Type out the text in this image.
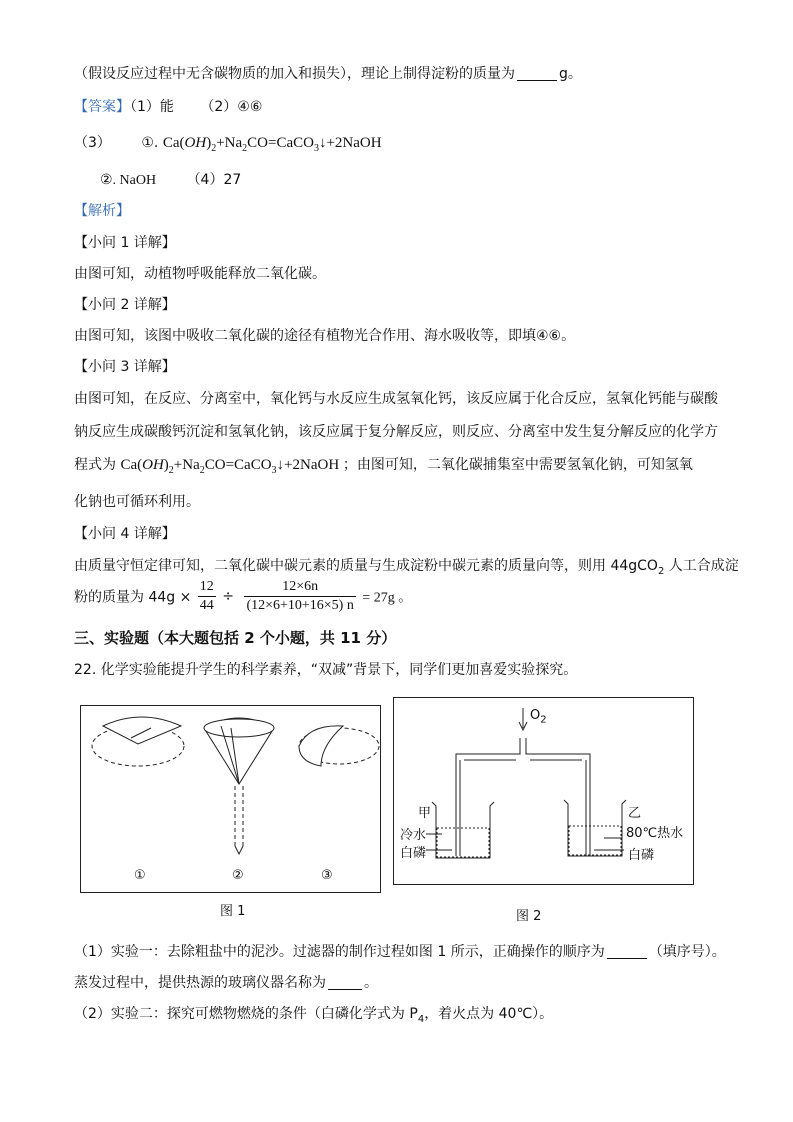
（假设反应过程中无含碳物质的加入和损失），理论上制得淀粉的质量为	g。
【答案】（1）能 （2）④⑥
（3） ①. $Ca(OH)_2+Na_2CO=CaCO_3↓+2NaOH$
②. NaOH （4）27
【解析】
【小问 1 详解】
由图可知，动植物呼吸能释放二氧化碳。
【小问 2 详解】
由图可知，该图中吸收二氧化碳的途径有植物光合作用、海水吸收等，即填④⑥。
【小问 3 详解】
由图可知，在反应、分离室中，氧化钙与水反应生成氢氧化钙，该反应属于化合反应，氢氧化钙能与碳酸
钠反应生成碳酸钙沉淀和氢氧化钠，该反应属于复分解反应，则反应、分离室中发生复分解反应的化学方
程式为 $Ca(OH)_2+Na_2CO=CaCO_3↓+2NaOH$ ；由图可知，二氧化碳捕集室中需要氢氧化钠，可知氢氧
化钠也可循环利用。
【小问 4 详解】
由质量守恒定律可知，二氧化碳中碳元素的质量与生成淀粉中碳元素的质量向等，则用 44gCO$_2$ 人工合成淀
粉的质量为 $44g \times \frac{12}{44} \div \frac{12\times 6n}{(12\times 6+10+16\times 5) n} = 27g$ 。
三、实验题（本大题包括 2 个小题，共 11 分）
22. 化学实验能提升学生的科学素养，“双减”背景下，同学们更加喜爱实验探究。
①	②	③
图 1
$O_2$
甲	乙
冷水
白磷
80℃热水
白磷
图 2
（1）实验一：去除粗盐中的泥沙。过滤器的制作过程如图 1 所示，正确操作的顺序为	（填序号）。
蒸发过程中，提供热源的玻璃仪器名称为	。
（2）实验二：探究可燃物燃烧的条件（白磷化学式为 $P_4$，着火点为 40℃）。
